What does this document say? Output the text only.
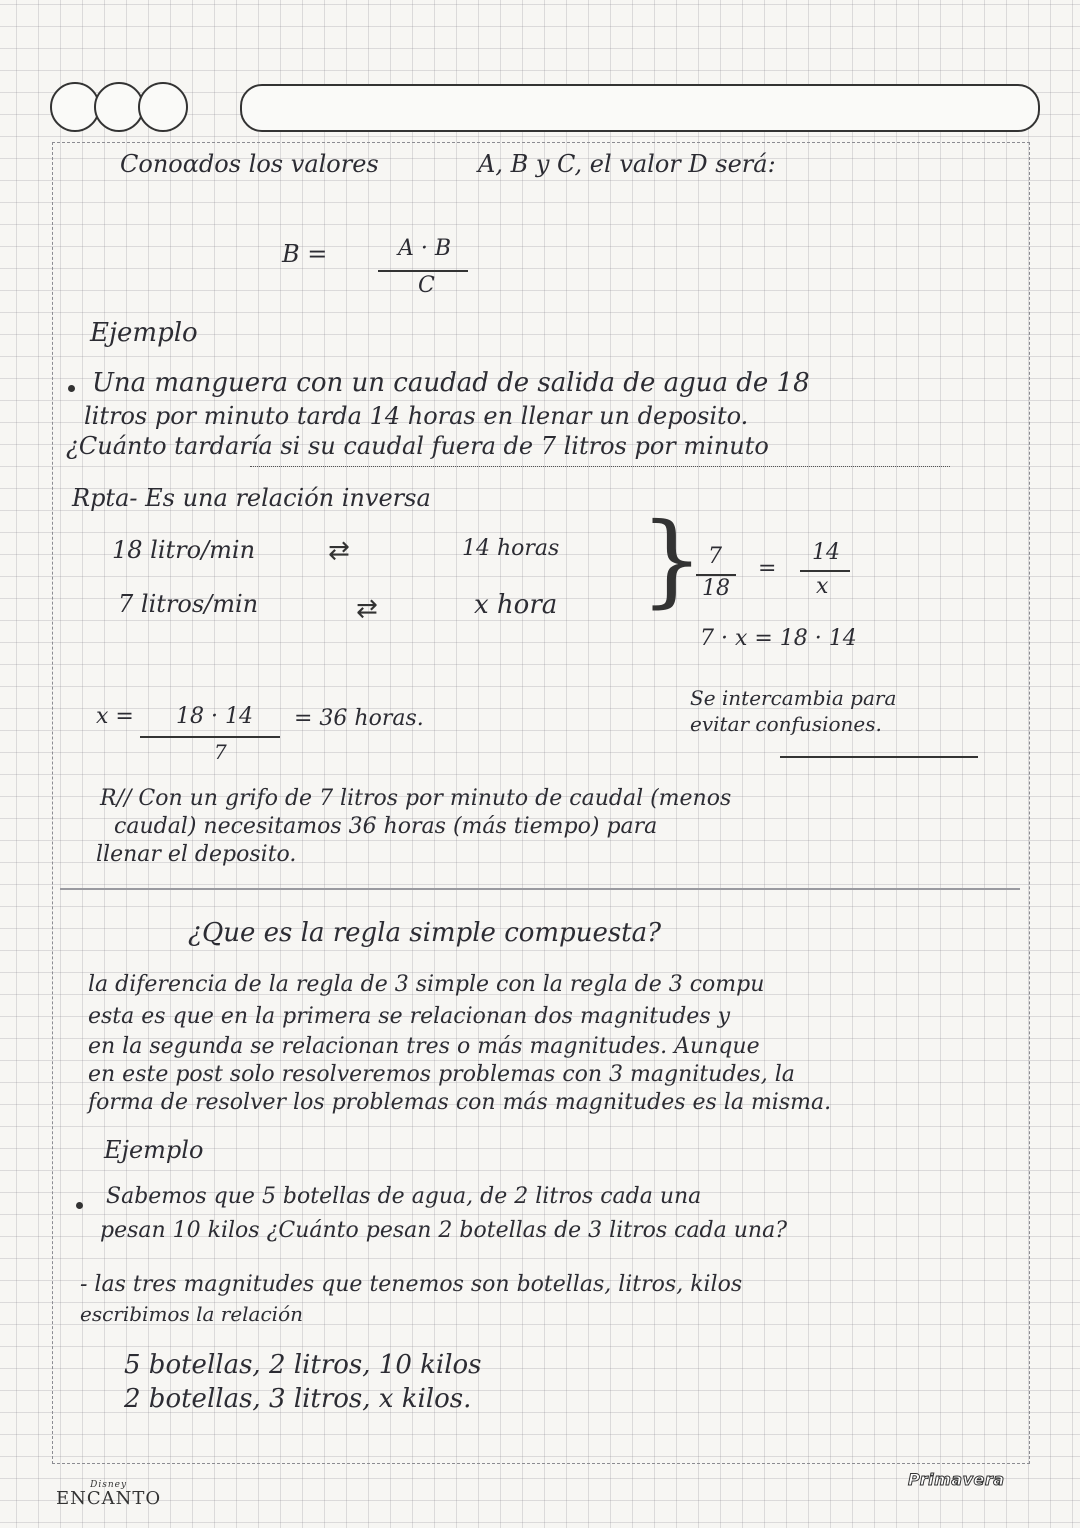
Conoαdos los valores	A, B y C, el valor D será:
B =	A · B
C
Ejemplo
Una manguera con un caudad de salida de agua de 18
litros por minuto tarda 14 horas en llenar un deposito.
¿Cuánto tardaría si su caudal fuera de 7 litros por minuto
Rpta- Es una relación inversa
18 litro/min	⇄	14 horas
7 litros/min	⇄	x hora } 7
18
=
14
x
7 · x = 18 · 14
Se intercambia para
evitar confusiones.
x = 18 · 14
7
= 36 horas.
R// Con un grifo de 7 litros por minuto de caudal (menos
caudal) necesitamos 36 horas (más tiempo) para
llenar el deposito.
¿Que es la regla simple compuesta?
la diferencia de la regla de 3 simple con la regla de 3 compu
esta es que en la primera se relacionan dos magnitudes y
en la segunda se relacionan tres o más magnitudes. Aunque
en este post solo resolveremos problemas con 3 magnitudes, la
forma de resolver los problemas con más magnitudes es la misma.
Ejemplo
Sabemos que 5 botellas de agua, de 2 litros cada una
pesan 10 kilos ¿Cuánto pesan 2 botellas de 3 litros cada una?
- las tres magnitudes que tenemos son botellas, litros, kilos
escribimos la relación
5 botellas, 2 litros, 10 kilos
2 botellas, 3 litros, x kilos.
Disney
ENCANTO
Primavera
